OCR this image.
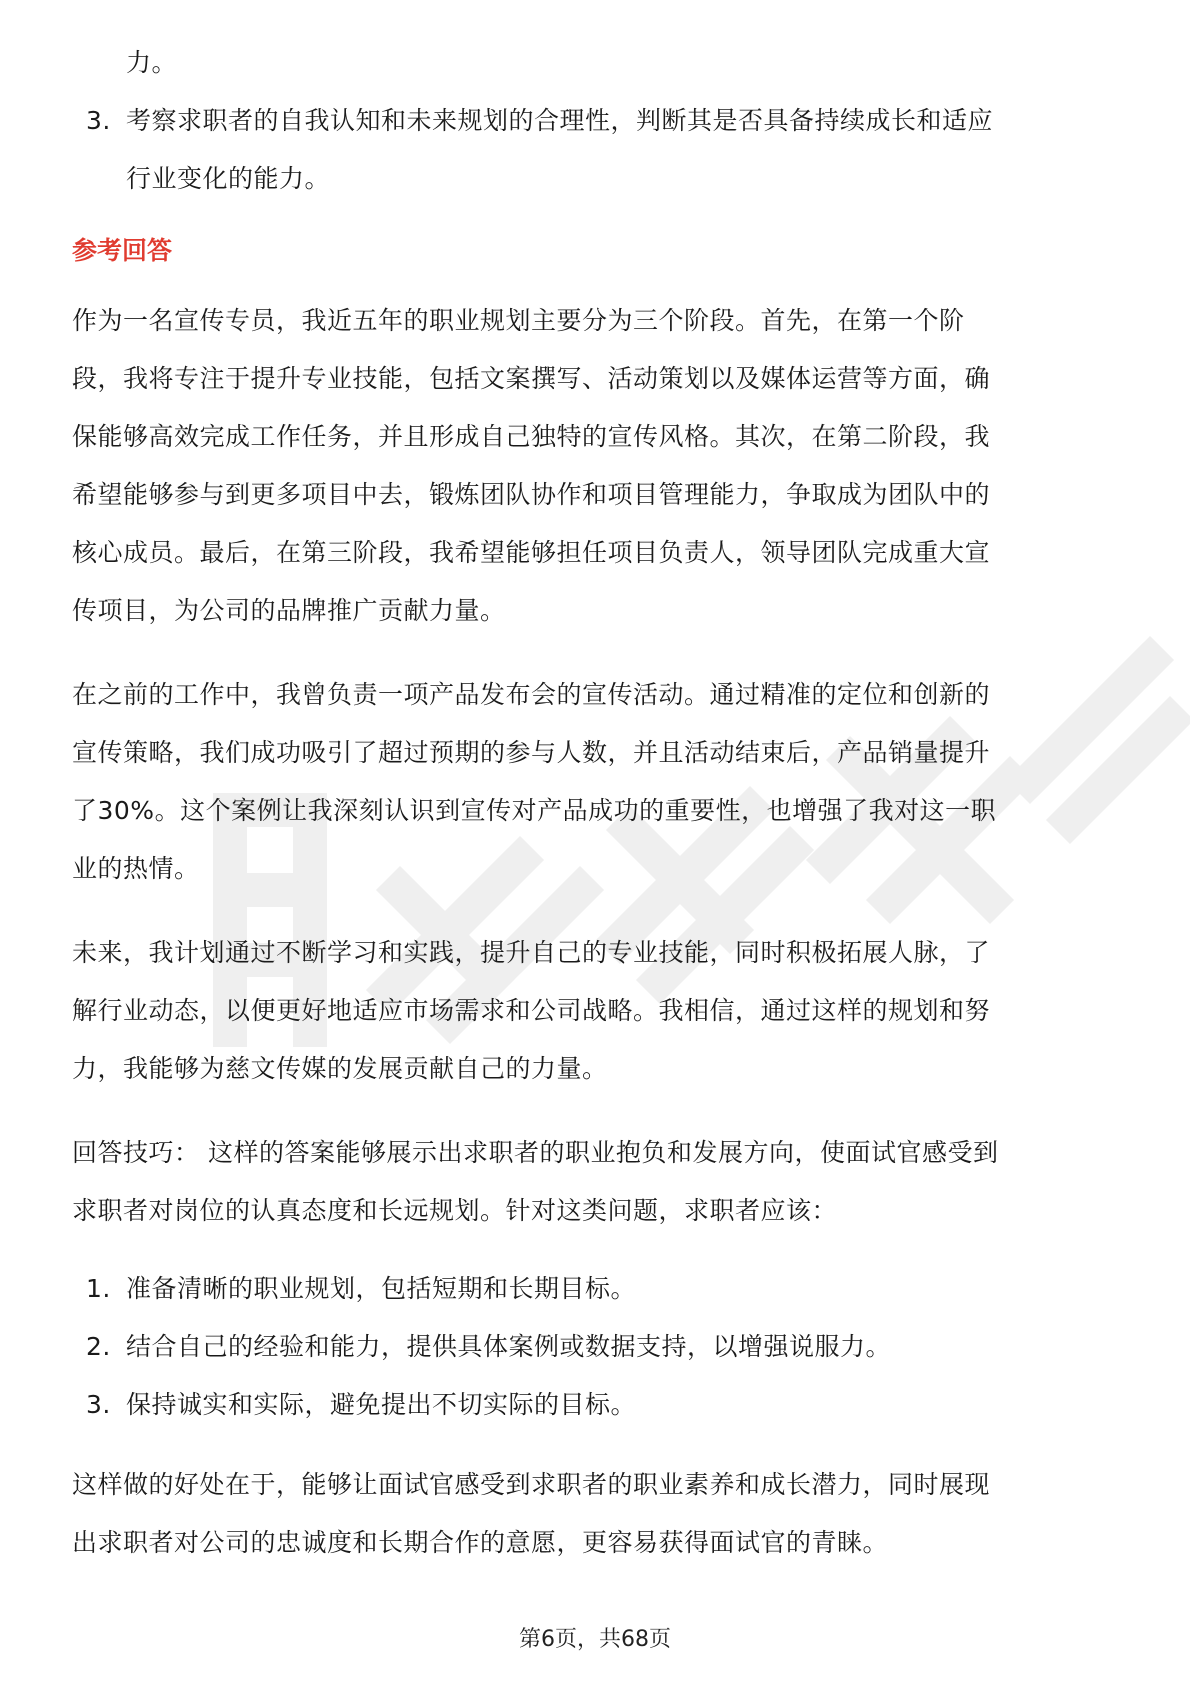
力。

3. 考察求职者的自我认知和未来规划的合理性，判断其是否具备持续成长和适应
行业变化的能力。

参考回答

作为一名宣传专员，我近五年的职业规划主要分为三个阶段。首先，在第一个阶

段，我将专注于提升专业技能，包括文案撰写、活动策划以及媒体运营等方面，确

保能够高效完成工作任务，并且形成自己独特的宣传风格。其次，在第二阶段，我

希望能够参与到更多项目中去，锻炼团队协作和项目管理能力，争取成为团队中的

核心成员。最后，在第三阶段，我希望能够担任项目负责人，领导团队完成重大宣

传项目，为公司的品牌推广贡献力量。

在之前的工作中，我曾负责一项产品发布会的宣传活动。通过精准的定位和创新的

宣传策略，我们成功吸引了超过预期的参与人数，并且活动结束后，产品销量提升

了30%。这个案例让我深刻认识到宣传对产品成功的重要性，也增强了我对这一职

业的热情。

未来，我计划通过不断学习和实践，提升自己的专业技能，同时积极拓展人脉，了

解行业动态，以便更好地适应市场需求和公司战略。我相信，通过这样的规划和努

力，我能够为慈文传媒的发展贡献自己的力量。

回答技巧： 这样的答案能够展示出求职者的职业抱负和发展方向，使面试官感受到

求职者对岗位的认真态度和长远规划。针对这类问题，求职者应该：

1. 准备清晰的职业规划，包括短期和长期目标。
2. 结合自己的经验和能力，提供具体案例或数据支持，以增强说服力。
3. 保持诚实和实际，避免提出不切实际的目标。

这样做的好处在于，能够让面试官感受到求职者的职业素养和成长潜力，同时展现

出求职者对公司的忠诚度和长期合作的意愿，更容易获得面试官的青睐。

第6页，共68页
